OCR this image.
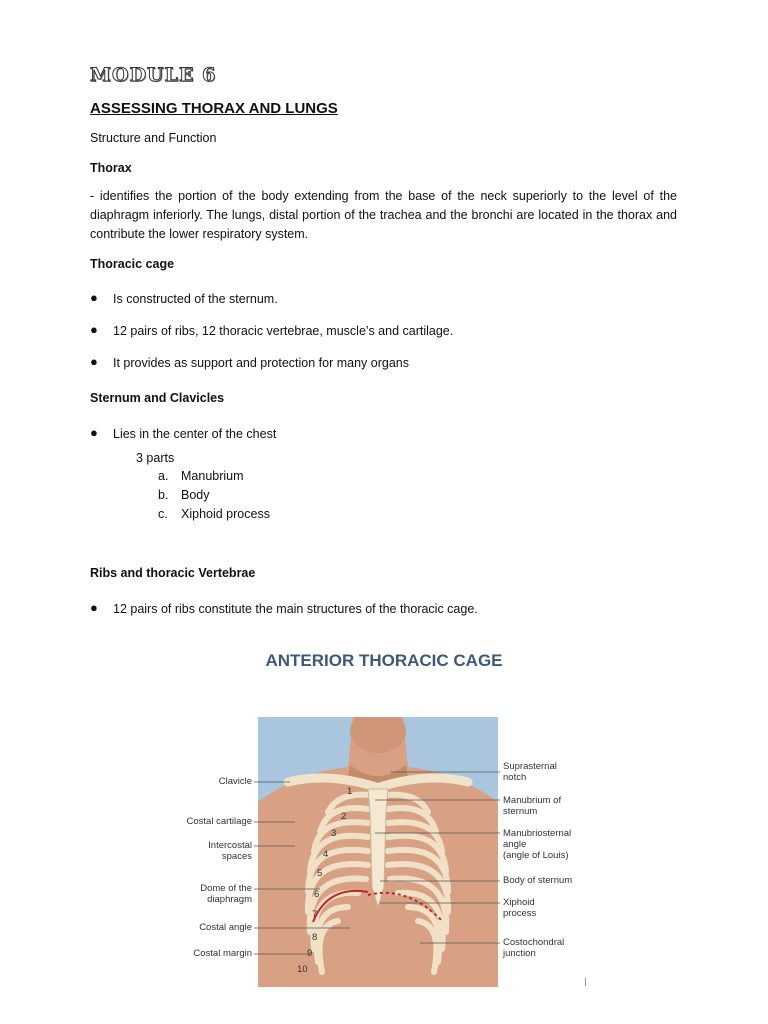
MODULE 6
ASSESSING THORAX AND LUNGS
Structure and Function
Thorax
- identifies the portion of the body extending from the base of the neck superiorly to the level of the diaphragm inferiorly. The lungs, distal portion of the trachea and the bronchi are located in the thorax and contribute the lower respiratory system.
Thoracic cage
● Is constructed of the sternum.
● 12 pairs of ribs, 12 thoracic vertebrae, muscle’s and cartilage.
● It provides as support and protection for many organs
Sternum and Clavicles
● Lies in the center of the chest
3 parts
a. Manubrium
b. Body
c. Xiphoid process
Ribs and thoracic Vertebrae
● 12 pairs of ribs constitute the main structures of the thoracic cage.
ANTERIOR THORACIC CAGE
1
2
3
4
5
6
7
8
9
10
Clavicle
Costal cartilage
Intercostal
spaces
Dome of the
diaphragm
Costal angle
Costal margin
Suprasternal
notch
Manubrium of
sternum
Manubriosternal
angle
(angle of Louis)
Body of sternum
Xiphoid
process
Costochondral
junction
